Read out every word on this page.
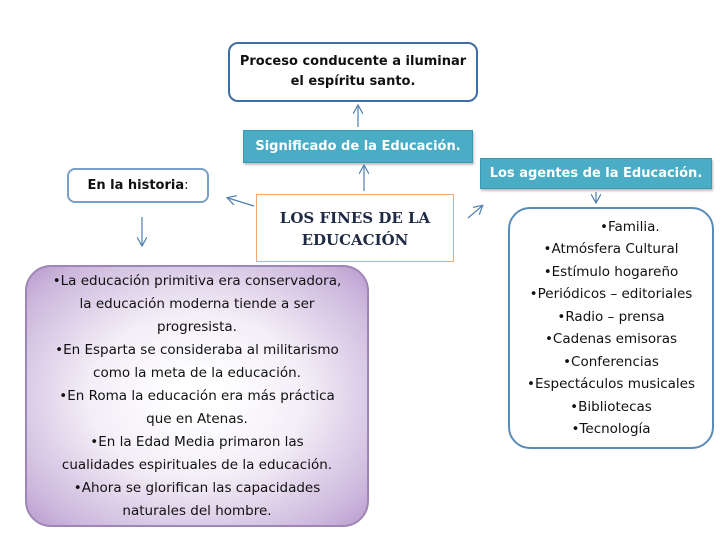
Proceso conducente a iluminar
el espíritu santo.
Significado de la Educación.
Los agentes de la Educación.
En la historia :
LOS FINES DE LA
EDUCACIÓN
•La educación primitiva era conservadora,
la educación moderna tiende a ser
progresista.
•En Esparta se consideraba al militarismo
como la meta de la educación.
•En Roma la educación era más práctica
que en Atenas.
•En la Edad Media primaron las
cualidades espirituales de la educación.
•Ahora se glorifican las capacidades
naturales del hombre.
•Familia.
•Atmósfera Cultural
•Estímulo hogareño
•Periódicos – editoriales
•Radio – prensa
•Cadenas emisoras
•Conferencias
•Espectáculos musicales
•Bibliotecas
•Tecnología
